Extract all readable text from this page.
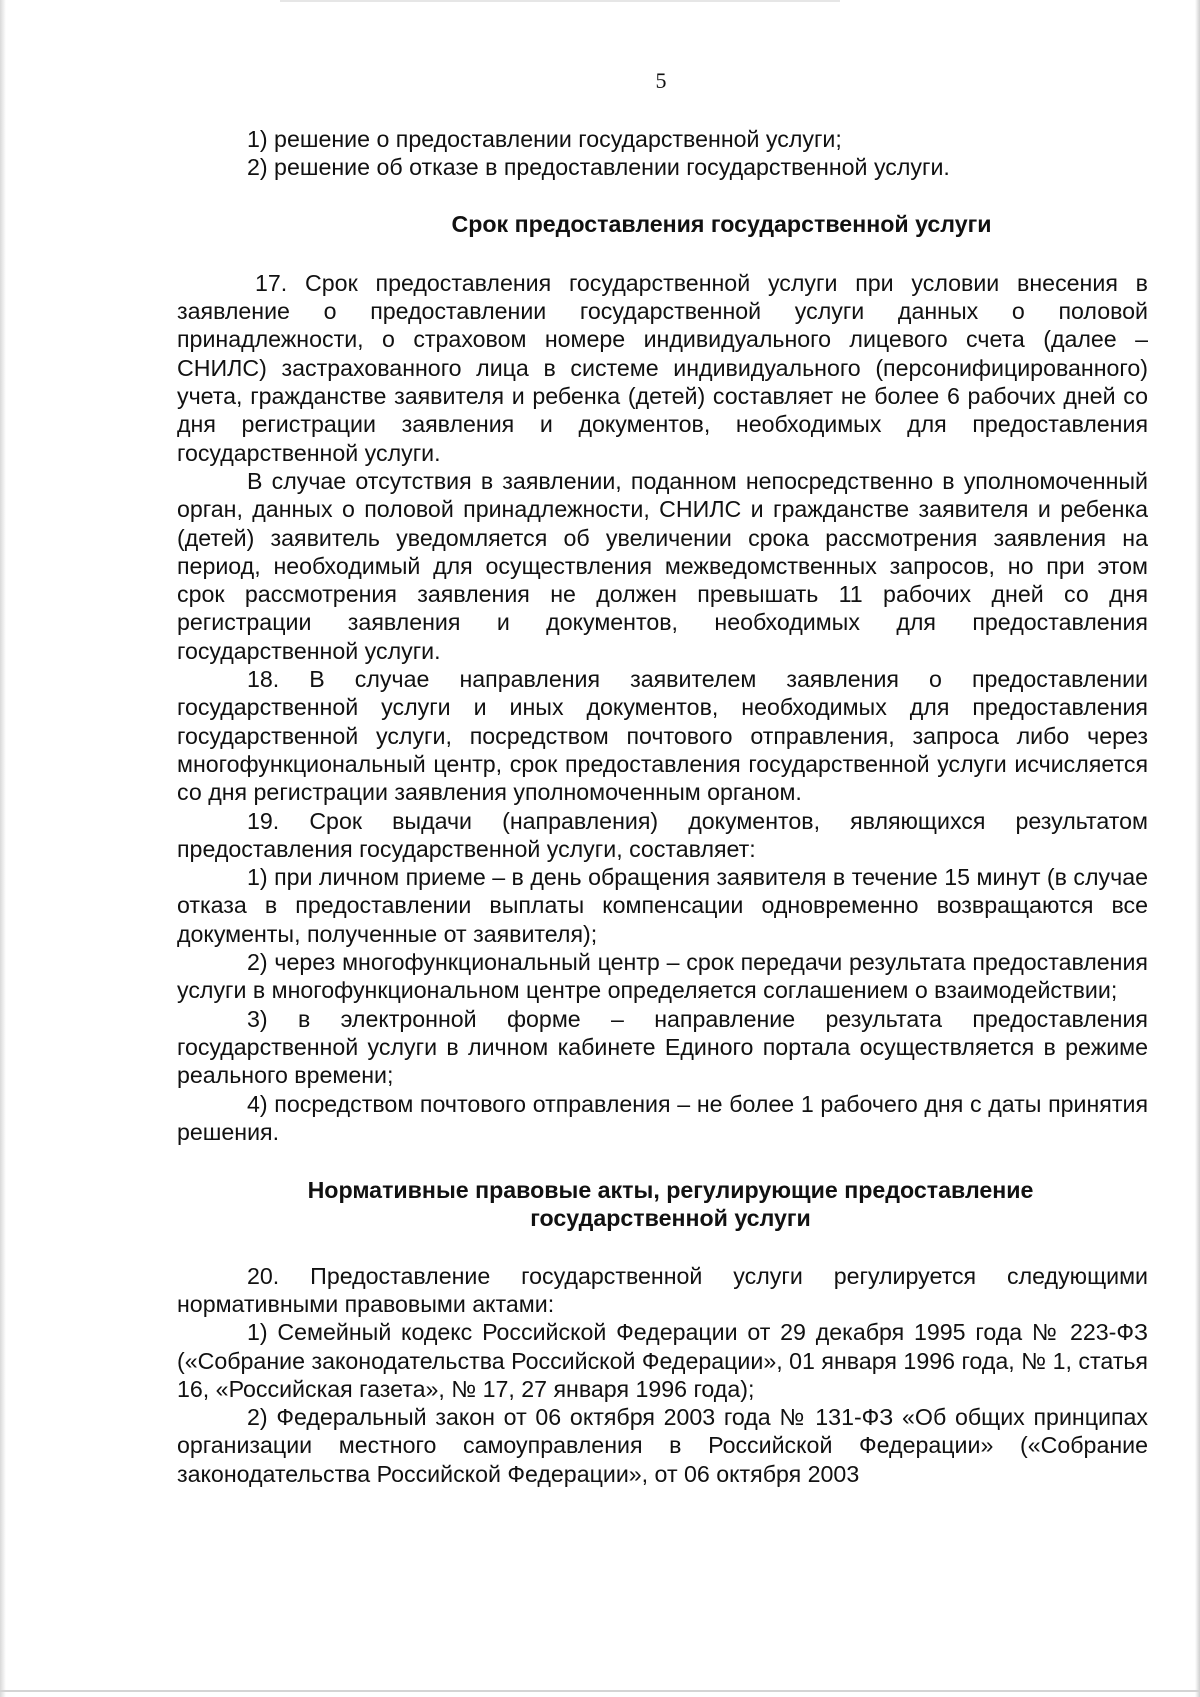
5

1) решение о предоставлении государственной услуги;

2) решение об отказе в предоставлении государственной услуги.

Срок предоставления государственной услуги

17. Срок предоставления государственной услуги при условии внесения в заявление о предоставлении государственной услуги данных о половой принадлежности, о страховом номере индивидуального лицевого счета (далее – СНИЛС) застрахованного лица в системе индивидуального (персонифицированного) учета, гражданстве заявителя и ребенка (детей) составляет не более 6 рабочих дней со дня регистрации заявления и документов, необходимых для предоставления государственной услуги.

В случае отсутствия в заявлении, поданном непосредственно в уполномоченный орган, данных о половой принадлежности, СНИЛС и гражданстве заявителя и ребенка (детей) заявитель уведомляется об увеличении срока рассмотрения заявления на период, необходимый для осуществления межведомственных запросов, но при этом срок рассмотрения заявления не должен превышать 11 рабочих дней со дня регистрации заявления и документов, необходимых для предоставления государственной услуги.

18. В случае направления заявителем заявления о предоставлении государственной услуги и иных документов, необходимых для предоставления государственной услуги, посредством почтового отправления, запроса либо через многофункциональный центр, срок предоставления государственной услуги исчисляется со дня регистрации заявления уполномоченным органом.

19. Срок выдачи (направления) документов, являющихся результатом предоставления государственной услуги, составляет:

1) при личном приеме – в день обращения заявителя в течение 15 минут (в случае отказа в предоставлении выплаты компенсации одновременно возвращаются все документы, полученные от заявителя);

2) через многофункциональный центр – срок передачи результата предоставления услуги в многофункциональном центре определяется соглашением о взаимодействии;

3) в электронной форме – направление результата предоставления государственной услуги в личном кабинете Единого портала осуществляется в режиме реального времени;

4) посредством почтового отправления – не более 1 рабочего дня с даты принятия решения.

Нормативные правовые акты, регулирующие предоставление
государственной услуги

20. Предоставление государственной услуги регулируется следующими нормативными правовыми актами:

1) Семейный кодекс Российской Федерации от 29 декабря 1995 года № 223-ФЗ («Собрание законодательства Российской Федерации», 01 января 1996 года, № 1, статья 16, «Российская газета», № 17, 27 января 1996 года);

2) Федеральный закон от 06 октября 2003 года № 131-ФЗ «Об общих принципах организации местного самоуправления в Российской Федерации» («Собрание законодательства Российской Федерации», от 06 октября 2003
